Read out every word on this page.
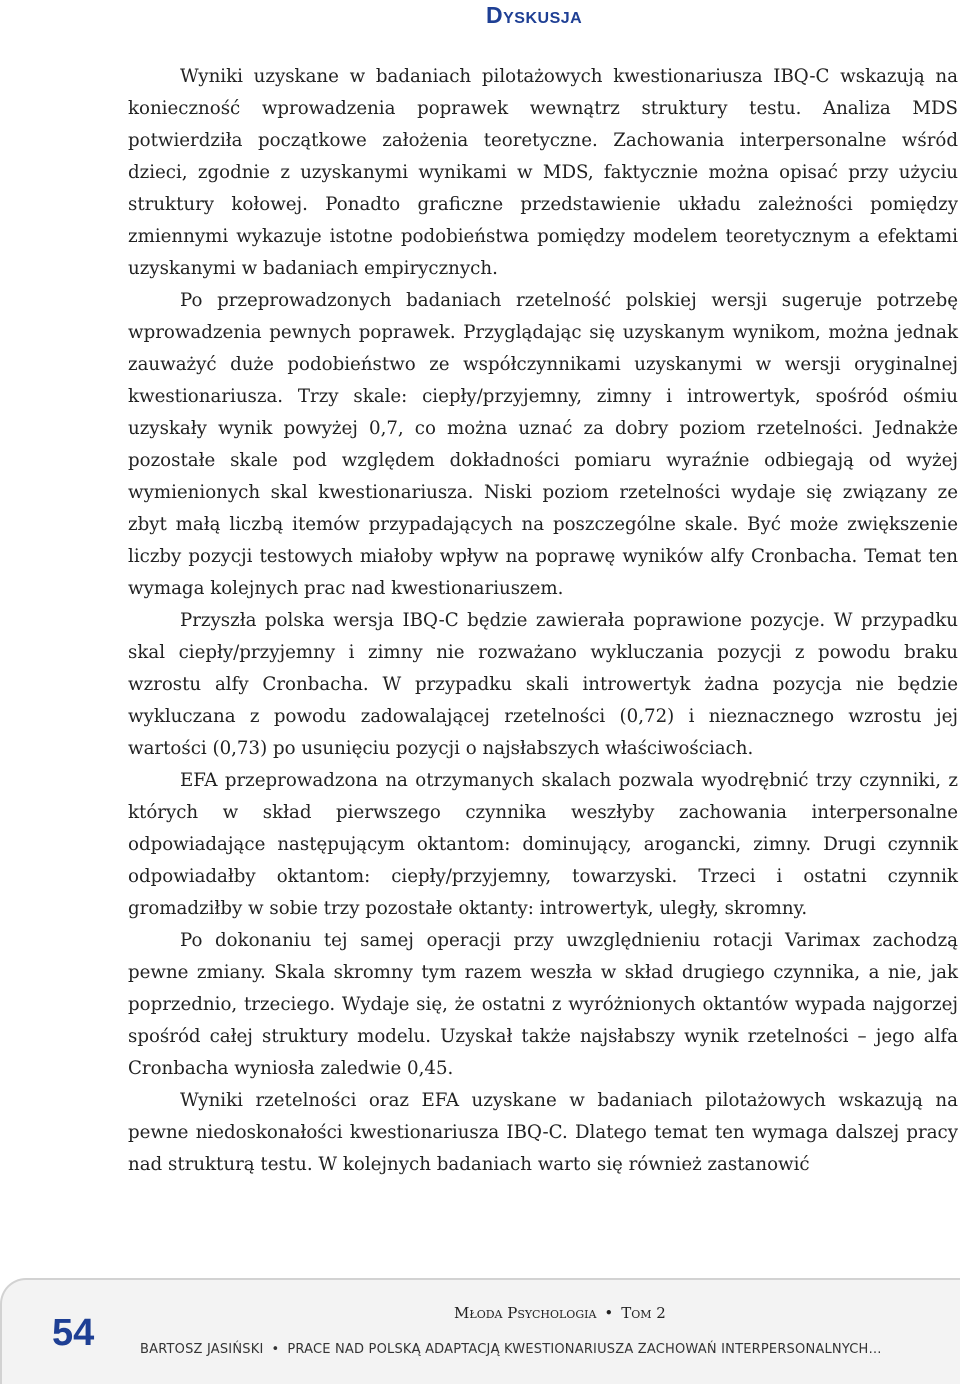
Dyskusja

Wyniki uzyskane w badaniach pilotażowych kwestionariusza IBQ-C wskazują na konieczność wprowadzenia poprawek wewnątrz struktury testu. Analiza MDS potwierdziła początkowe założenia teoretyczne. Zachowania interpersonalne wśród dzieci, zgodnie z uzyskanymi wynikami w MDS, faktycznie można opisać przy użyciu struktury kołowej. Ponadto graficzne przedstawienie układu zależności pomiędzy zmiennymi wykazuje istotne podobieństwa pomiędzy modelem teoretycznym a efektami uzyskanymi w badaniach empirycznych.

Po przeprowadzonych badaniach rzetelność polskiej wersji sugeruje potrzebę wprowadzenia pewnych poprawek. Przyglądając się uzyskanym wynikom, można jednak zauważyć duże podobieństwo ze współczynnikami uzyskanymi w wersji oryginalnej kwestionariusza. Trzy skale: ciepły/przyjemny, zimny i introwertyk, spośród ośmiu uzyskały wynik powyżej 0,7, co można uznać za dobry poziom rzetelności. Jednakże pozostałe skale pod względem dokładności pomiaru wyraźnie odbiegają od wyżej wymienionych skal kwestionariusza. Niski poziom rzetelności wydaje się związany ze zbyt małą liczbą itemów przypadających na poszczególne skale. Być może zwiększenie liczby pozycji testowych miałoby wpływ na poprawę wyników alfy Cronbacha. Temat ten wymaga kolejnych prac nad kwestionariuszem.

Przyszła polska wersja IBQ-C będzie zawierała poprawione pozycje. W przypadku skal ciepły/przyjemny i zimny nie rozważano wykluczania pozycji z powodu braku wzrostu alfy Cronbacha. W przypadku skali introwertyk żadna pozycja nie będzie wykluczana z powodu zadowalającej rzetelności (0,72) i nieznacznego wzrostu jej wartości (0,73) po usunięciu pozycji o najsłabszych właściwościach.

EFA przeprowadzona na otrzymanych skalach pozwala wyodrębnić trzy czynniki, z których w skład pierwszego czynnika weszłyby zachowania interpersonalne odpowiadające następującym oktantom: dominujący, arogancki, zimny. Drugi czynnik odpowiadałby oktantom: ciepły/przyjemny, towarzyski. Trzeci i ostatni czynnik gromadziłby w sobie trzy pozostałe oktanty: introwertyk, uległy, skromny.

Po dokonaniu tej samej operacji przy uwzględnieniu rotacji Varimax zachodzą pewne zmiany. Skala skromny tym razem weszła w skład drugiego czynnika, a nie, jak poprzednio, trzeciego. Wydaje się, że ostatni z wyróżnionych oktantów wypada najgorzej spośród całej struktury modelu. Uzyskał także najsłabszy wynik rzetelności – jego alfa Cronbacha wyniosła zaledwie 0,45.

Wyniki rzetelności oraz EFA uzyskane w badaniach pilotażowych wskazują na pewne niedoskonałości kwestionariusza IBQ-C. Dlatego temat ten wymaga dalszej pracy nad strukturą testu. W kolejnych badaniach warto się również zastanowić

54	Młoda Psychologia • Tom 2
BARTOSZ JASIŃSKI • PRACE NAD POLSKĄ ADAPTACJĄ KWESTIONARIUSZA ZACHOWAŃ INTERPERSONALNYCH…
